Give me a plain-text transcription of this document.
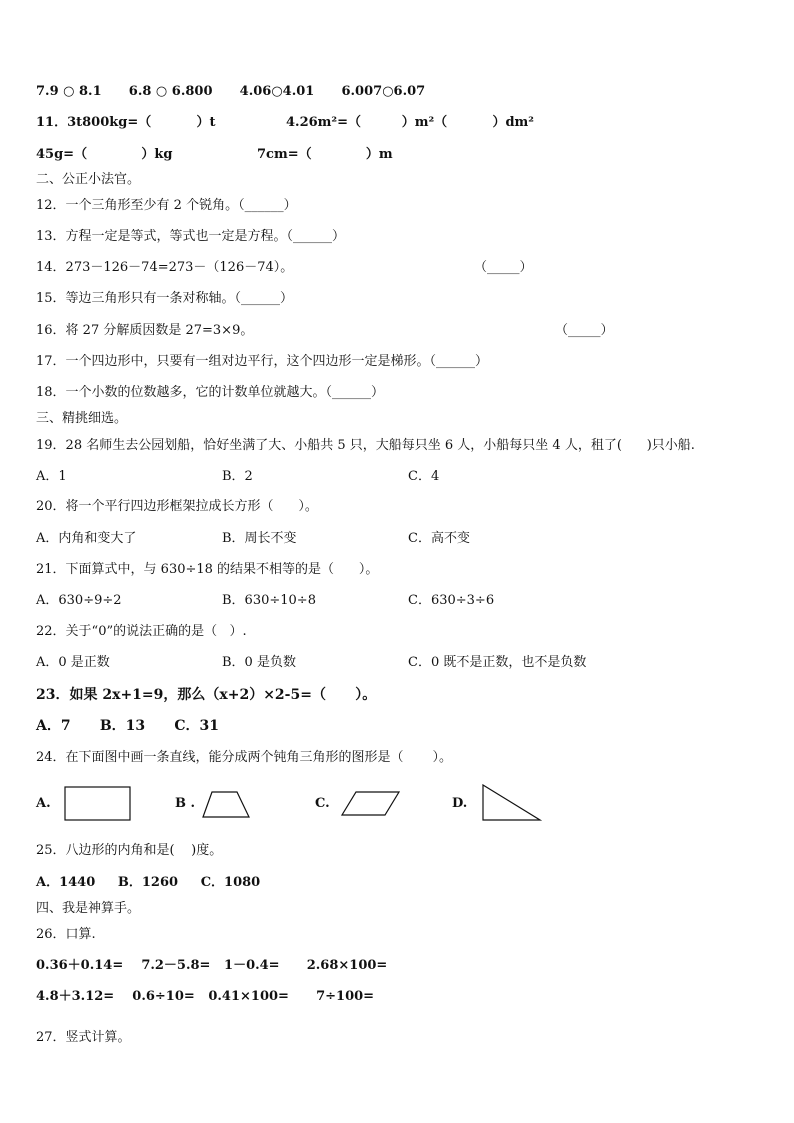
7.9 ○ 8.1      6.8 ○ 6.800      4.06○4.01      6.007○6.07
11．3t800kg=（          ）t	4.26m²=（         ）m²（          ）dm²
45g=（            ）kg	7cm=（            ）m
二、公正小法官。
12．一个三角形至少有 2 个锐角。（______）
13．方程一定是等式，等式也一定是方程。（______）
14．273－126－74=273－（126－74）。	（_____）
15．等边三角形只有一条对称轴。（______）
16．将 27 分解质因数是 27=3×9。	（_____）
17．一个四边形中，只要有一组对边平行，这个四边形一定是梯形。（______）
18．一个小数的位数越多，它的计数单位就越大。（______）
三、精挑细选。
19．28 名师生去公园划船，恰好坐满了大、小船共 5 只，大船每只坐 6 人，小船每只坐 4 人，租了(      )只小船.
A．1	B．2	C．4
20．将一个平行四边形框架拉成长方形（      ）。
A．内角和变大了	B．周长不变	C．高不变
21．下面算式中，与 630÷18 的结果不相等的是（      ）。
A．630÷9÷2	B．630÷10÷8	C．630÷3÷6
22．关于“0”的说法正确的是（   ）.
A．0 是正数	B．0 是负数	C．0 既不是正数，也不是负数
23．如果 2x+1=9，那么（x+2）×2-5=（      ）。
A．7      B．13      C．31
24．在下面图中画一条直线，能分成两个钝角三角形的图形是（       ）。
A.	B .	C.	D.
25．八边形的内角和是(    )度。
A．1440     B．1260     C．1080
四、我是神算手。
26．口算.
0.36＋0.14=    7.2－5.8=   1－0.4=      2.68×100=
4.8＋3.12=    0.6÷10=   0.41×100=      7÷100=
27．竖式计算。
